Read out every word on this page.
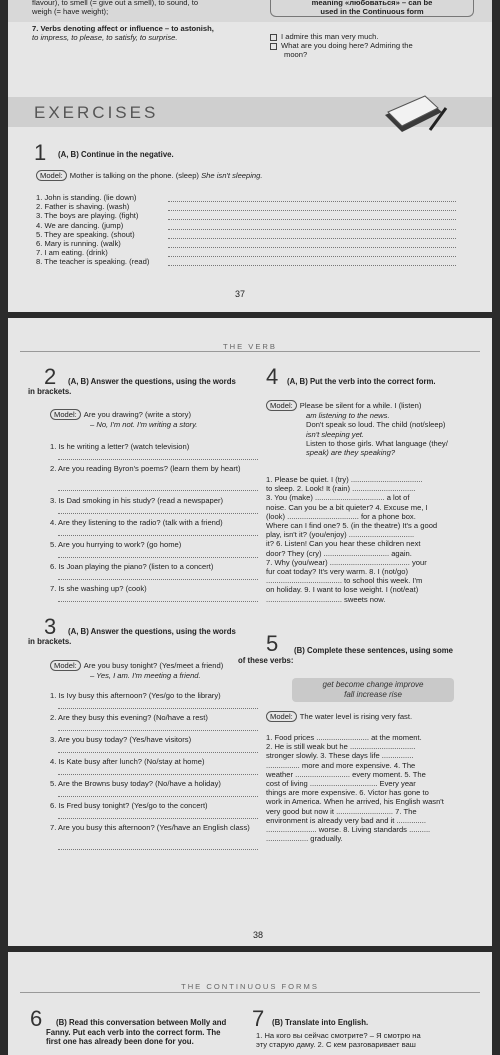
flavour), to smell (= give out a smell), to sound, to
weigh (= have weight);
meaning «любоваться» – can be
used in the Continuous form
7. Verbs denoting affect or influence – to astonish,
to impress, to please, to satisfy, to surprise.	I admire this man very much.
What are you doing here? Admiring the
moon?
EXERCISES
1 (A, B) Continue in the negative.
Model: Mother is talking on the phone. (sleep) She isn't sleeping.
1. John is standing. (lie down)
2. Father is shaving. (wash)
3. The boys are playing. (fight)
4. We are dancing. (jump)
5. They are speaking. (shout)
6. Mary is running. (walk)
7. I am eating. (drink)
8. The teacher is speaking. (read)
37
THE VERB
2	(A, B) Answer the questions, using the words
in brackets.
Model: Are you drawing? (write a story)
– No, I'm not. I'm writing a story.
1. Is he writing a letter? (watch television)
2. Are you reading Byron's poems? (learn them by heart)
3. Is Dad smoking in his study? (read a newspaper)
4. Are they listening to the radio? (talk with a friend)
5. Are you hurrying to work? (go home)
6. Is Joan playing the piano? (listen to a concert)
7. Is she washing up? (cook)
3	(A, B) Answer the questions, using the words
in brackets.
Model: Are you busy tonight? (Yes/meet a friend)
– Yes, I am. I'm meeting a friend.
1. Is Ivy busy this afternoon? (Yes/go to the library)
2. Are they busy this evening? (No/have a rest)
3. Are you busy today? (Yes/have visitors)
4. Is Kate busy after lunch? (No/stay at home)
5. Are the Browns busy today? (No/have a holiday)
6. Is Fred busy tonight? (Yes/go to the concert)
7. Are you busy this afternoon? (Yes/have an English class)
4 (A, B) Put the verb into the correct form.
Model: Please be silent for a while. I (listen)
am listening to the news.
Don't speak so loud. The child (not/sleep)
isn't sleeping yet.
Listen to those girls. What language (they/
speak) are they speaking?
1. Please be quiet. I (try) ..................................
to sleep. 2. Look! It (rain) ..............................
3. You (make) ................................. a lot of
noise. Can you be a bit quieter? 4. Excuse me, I
(look) .................................. for a phone box.
Where can I find one? 5. (in the theatre) It's a good
play, isn't it? (you/enjoy) ...............................
it? 6. Listen! Can you hear these children next
door? They (cry) ............................... again.
7. Why (you/wear) ...................................... your
fur coat today? It's very warm. 8. I (not/go)
.................................... to school this week. I'm
on holiday. 9. I want to lose weight. I (not/eat)
.................................... sweets now.
5	(B) Complete these sentences, using some
of these verbs:
get become change improve
fall increase rise
Model: The water level is rising very fast.
1. Food prices ......................... at the moment.
2. He is still weak but he ...............................
stronger slowly. 3. These days life ...............
................ more and more expensive. 4. The
weather .......................... every moment. 5. The
cost of living ................................ Every year
things are more expensive. 6. Victor has gone to
work in America. When he arrived, his English wasn't
very good but now it ........................... 7. The
environment is already very bad and it ..............
........................ worse. 8. Living standards ..........
.................... gradually.
38
THE CONTINUOUS FORMS
6	(B) Read this conversation between Molly and
Fanny. Put each verb into the correct form. The
first one has already been done for you.
7 (B) Translate into English.
1. На кого вы сейчас смотрите? – Я смотрю на
эту старую даму. 2. С кем разговаривает ваш
